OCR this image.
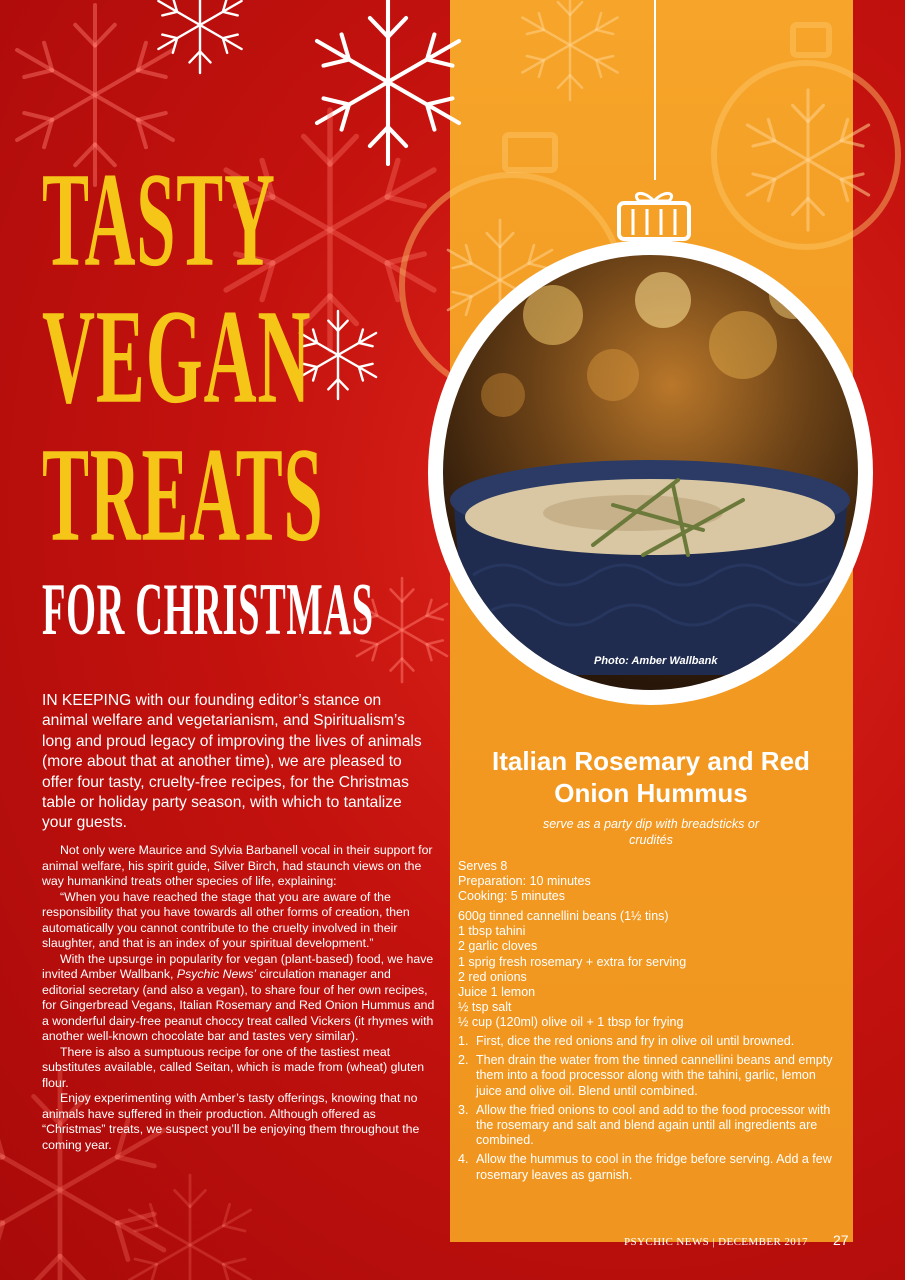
TASTY
VEGAN
TREATS
FOR CHRISTMAS

Photo: Amber Wallbank

IN KEEPING with our founding editor’s stance on animal welfare and vegetarianism, and Spiritualism’s long and proud legacy of improving the lives of animals (more about that at another time), we are pleased to offer four tasty, cruelty-free recipes, for the Christmas table or holiday party season, with which to tantalize your guests.

Not only were Maurice and Sylvia Barbanell vocal in their support for animal welfare, his spirit guide, Silver Birch, had staunch views on the way humankind treats other species of life, explaining:

“When you have reached the stage that you are aware of the responsibility that you have towards all other forms of creation, then automatically you cannot contribute to the cruelty involved in their slaughter, and that is an index of your spiritual development.”

With the upsurge in popularity for vegan (plant-based) food, we have invited Amber Wallbank, Psychic News’ circulation manager and editorial secretary (and also a vegan), to share four of her own recipes, for Gingerbread Vegans, Italian Rosemary and Red Onion Hummus and a wonderful dairy-free peanut choccy treat called Vickers (it rhymes with another well-known chocolate bar and tastes very similar).

There is also a sumptuous recipe for one of the tastiest meat substitutes available, called Seitan, which is made from (wheat) gluten flour.

Enjoy experimenting with Amber’s tasty offerings, knowing that no animals have suffered in their production. Although offered as “Christmas” treats, we suspect you’ll be enjoying them throughout the coming year.

Italian Rosemary and Red Onion Hummus

serve as a party dip with breadsticks or crudités

Serves 8
Preparation: 10 minutes
Cooking: 5 minutes
600g tinned cannellini beans (1½ tins)
1 tbsp tahini
2 garlic cloves
1 sprig fresh rosemary + extra for serving
2 red onions
Juice 1 lemon
½ tsp salt
½ cup (120ml) olive oil + 1 tbsp for frying
1. First, dice the red onions and fry in olive oil until browned.
2. Then drain the water from the tinned cannellini beans and empty them into a food processor along with the tahini, garlic, lemon juice and olive oil. Blend until combined.
3. Allow the fried onions to cool and add to the food processor with the rosemary and salt and blend again until all ingredients are combined.
4. Allow the hummus to cool in the fridge before serving. Add a few rosemary leaves as garnish.

PSYCHIC NEWS | DECEMBER 2017 27
